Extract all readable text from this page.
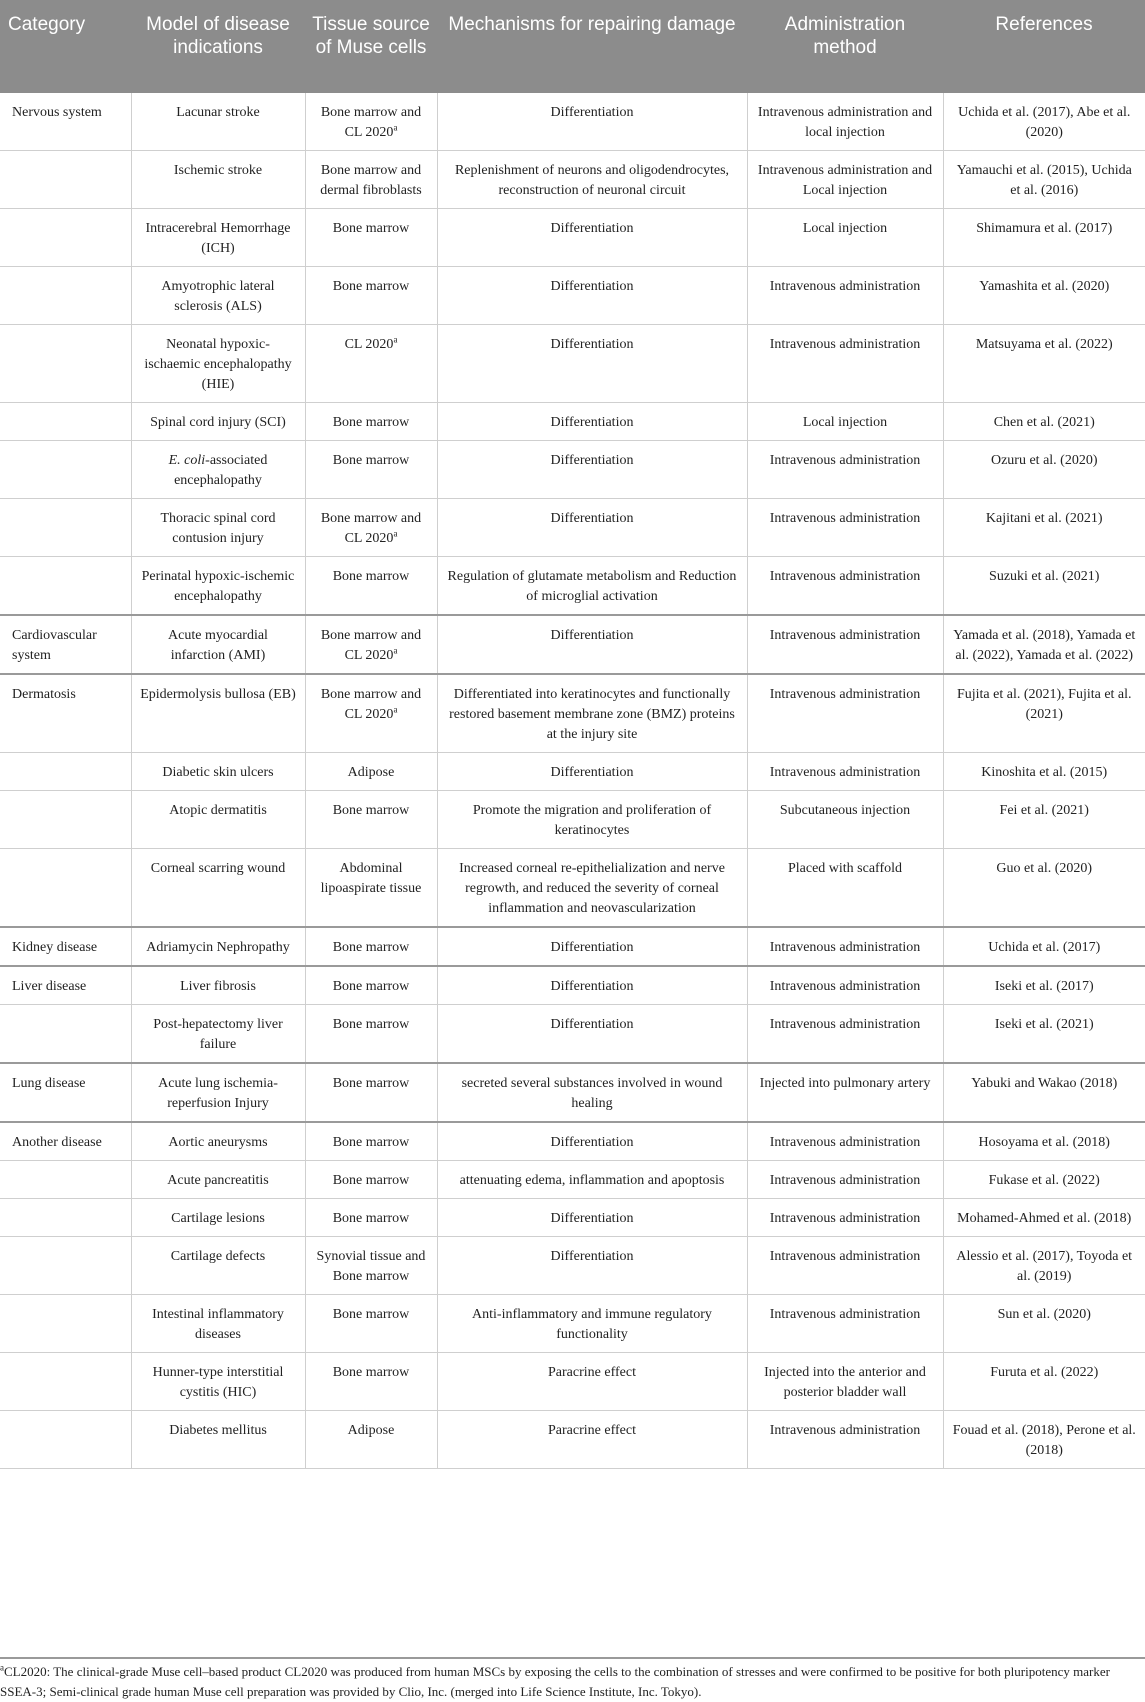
Category	Model of disease indications	Tissue source of Muse cells	Mechanisms for repairing damage	Administration method	References
Nervous system	Lacunar stroke	Bone marrow and CL 2020$^a$	Differentiation	Intravenous administration and local injection	Uchida et al. (2017), Abe et al. (2020)
	Ischemic stroke	Bone marrow and dermal fibroblasts	Replenishment of neurons and oligodendrocytes, reconstruction of neuronal circuit	Intravenous administration and Local injection	Yamauchi et al. (2015), Uchida et al. (2016)
	Intracerebral Hemorrhage (ICH)	Bone marrow	Differentiation	Local injection	Shimamura et al. (2017)
	Amyotrophic lateral sclerosis (ALS)	Bone marrow	Differentiation	Intravenous administration	Yamashita et al. (2020)
	Neonatal hypoxic-ischaemic encephalopathy (HIE)	CL 2020$^a$	Differentiation	Intravenous administration	Matsuyama et al. (2022)
	Spinal cord injury (SCI)	Bone marrow	Differentiation	Local injection	Chen et al. (2021)
	E. coli-associated encephalopathy	Bone marrow	Differentiation	Intravenous administration	Ozuru et al. (2020)
	Thoracic spinal cord contusion injury	Bone marrow and CL 2020$^a$	Differentiation	Intravenous administration	Kajitani et al. (2021)
	Perinatal hypoxic-ischemic encephalopathy	Bone marrow	Regulation of glutamate metabolism and Reduction of microglial activation	Intravenous administration	Suzuki et al. (2021)
Cardiovascular system	Acute myocardial infarction (AMI)	Bone marrow and CL 2020$^a$	Differentiation	Intravenous administration	Yamada et al. (2018), Yamada et al. (2022), Yamada et al. (2022)
Dermatosis	Epidermolysis bullosa (EB)	Bone marrow and CL 2020$^a$	Differentiated into keratinocytes and functionally restored basement membrane zone (BMZ) proteins at the injury site	Intravenous administration	Fujita et al. (2021), Fujita et al. (2021)
	Diabetic skin ulcers	Adipose	Differentiation	Intravenous administration	Kinoshita et al. (2015)
	Atopic dermatitis	Bone marrow	Promote the migration and proliferation of keratinocytes	Subcutaneous injection	Fei et al. (2021)
	Corneal scarring wound	Abdominal lipoaspirate tissue	Increased corneal re-epithelialization and nerve regrowth, and reduced the severity of corneal inflammation and neovascularization	Placed with scaffold	Guo et al. (2020)
Kidney disease	Adriamycin Nephropathy	Bone marrow	Differentiation	Intravenous administration	Uchida et al. (2017)
Liver disease	Liver fibrosis	Bone marrow	Differentiation	Intravenous administration	Iseki et al. (2017)
	Post-hepatectomy liver failure	Bone marrow	Differentiation	Intravenous administration	Iseki et al. (2021)
Lung disease	Acute lung ischemia-reperfusion Injury	Bone marrow	secreted several substances involved in wound healing	Injected into pulmonary artery	Yabuki and Wakao (2018)
Another disease	Aortic aneurysms	Bone marrow	Differentiation	Intravenous administration	Hosoyama et al. (2018)
	Acute pancreatitis	Bone marrow	attenuating edema, inflammation and apoptosis	Intravenous administration	Fukase et al. (2022)
	Cartilage lesions	Bone marrow	Differentiation	Intravenous administration	Mohamed-Ahmed et al. (2018)
	Cartilage defects	Synovial tissue and Bone marrow	Differentiation	Intravenous administration	Alessio et al. (2017), Toyoda et al. (2019)
	Intestinal inflammatory diseases	Bone marrow	Anti-inflammatory and immune regulatory functionality	Intravenous administration	Sun et al. (2020)
	Hunner-type interstitial cystitis (HIC)	Bone marrow	Paracrine effect	Injected into the anterior and posterior bladder wall	Furuta et al. (2022)
	Diabetes mellitus	Adipose	Paracrine effect	Intravenous administration	Fouad et al. (2018), Perone et al. (2018)
$^a$CL2020: The clinical-grade Muse cell–based product CL2020 was produced from human MSCs by exposing the cells to the combination of stresses and were confirmed to be positive for both pluripotency marker SSEA-3; Semi-clinical grade human Muse cell preparation was provided by Clio, Inc. (merged into Life Science Institute, Inc. Tokyo).
